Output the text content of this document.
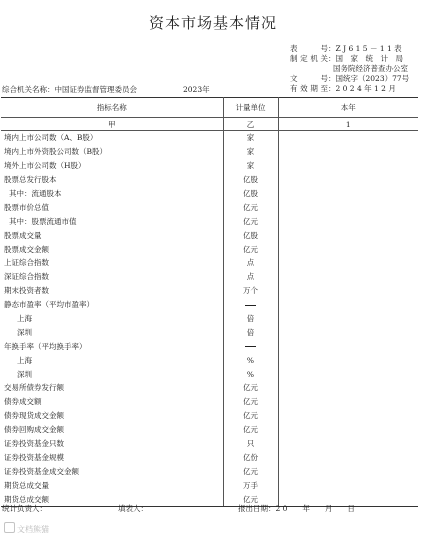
资本市场基本情况
表　　号：Z J 6 1 5 － 1 1 表
制定机关：国　家　统　计　局
国务院经济普查办公室
文　　号：国统字（2023）77号
有效期至：2 0 2 4 年 1 2 月
综合机关名称：中国证券监督管理委员会	2023年
指标名称	计量单位	本年
甲	乙	1
境内上市公司数（A、B股）	家	
境内上市外资股公司数（B股）	家	
境外上市公司数（H股）	家	
股票总发行股本	亿股	
其中：流通股本	亿股	
股票市价总值	亿元	
其中：股票流通市值	亿元	
股票成交量	亿股	
股票成交金额	亿元	
上证综合指数	点	
深证综合指数	点	
期末投资者数	万个	
静态市盈率（平均市盈率）		
上海	倍	
深圳	倍	
年换手率（平均换手率）		
上海	%	
深圳	%	
交易所债券发行额	亿元	
债券成交额	亿元	
债券现货成交金额	亿元	
债券回购成交金额	亿元	
证券投资基金只数	只	
证券投资基金规模	亿份	
证券投资基金成交金额	亿元	
期货总成交量	万手	
期货总成交额	亿元	
统计负责人：	填表人：	报出日期：2 0　　年　　月　　日
文档熊猫
